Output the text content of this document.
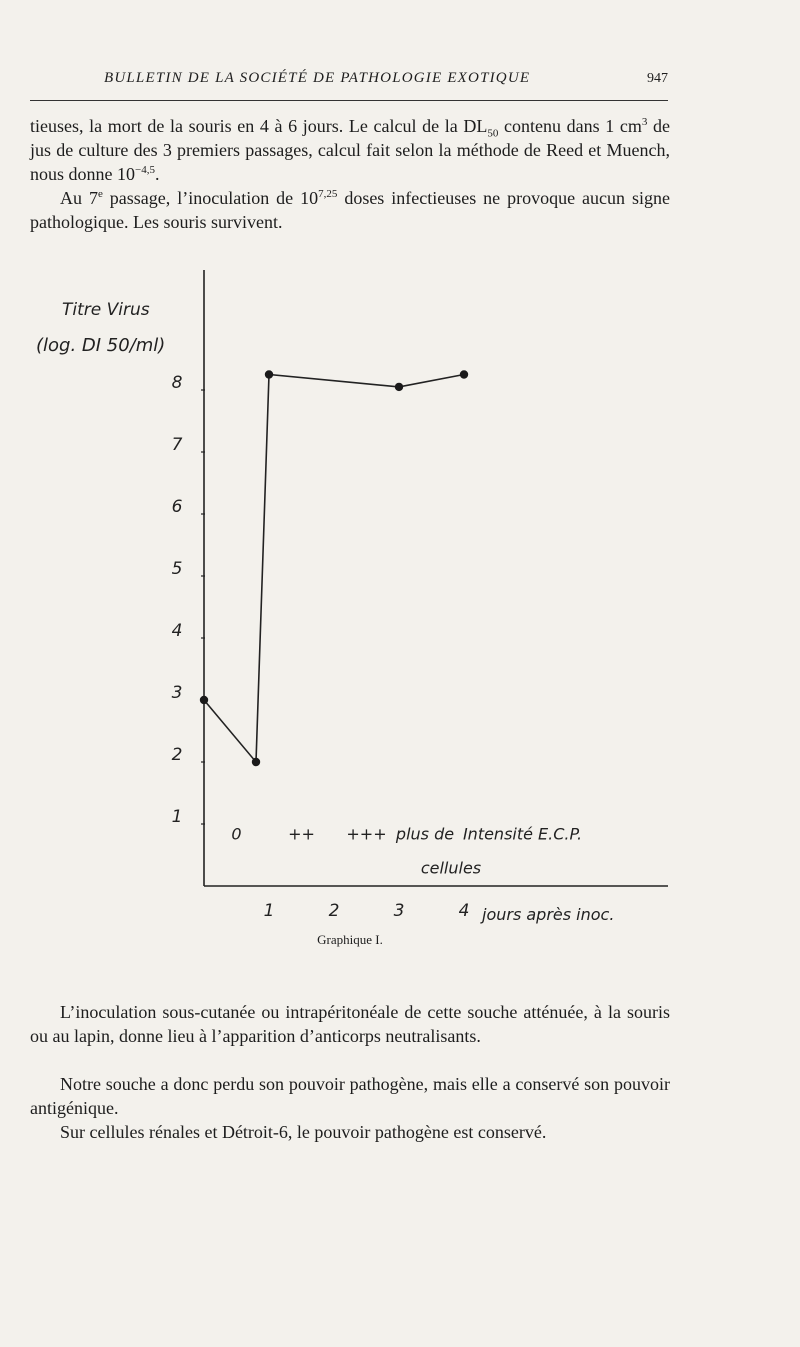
BULLETIN DE LA SOCIÉTÉ DE PATHOLOGIE EXOTIQUE	947

tieuses, la mort de la souris en 4 à 6 jours. Le calcul de la $DL_{50}$ contenu dans 1 $cm^3$ de jus de culture des 3 premiers passages, calcul fait selon la méthode de Reed et Muench, nous donne $10^{-4,5}$.

Au 7e passage, l’inoculation de 10$^{7,25}$ doses infectieuses ne provoque aucun signe pathologique. Les souris survivent.

1
2
3
4
5
6
7
8
1	2	3	4
Titre Virus
(log. DI 50/ml)
jours après inoc.
0	++ +++ plus de Intensité E.C.P.
cellules
Graphique I.

L’inoculation sous-cutanée ou intrapéritonéale de cette souche atténuée, à la souris ou au lapin, donne lieu à l’apparition d’anticorps neutralisants.

Notre souche a donc perdu son pouvoir pathogène, mais elle a conservé son pouvoir antigénique.

Sur cellules rénales et Détroit-6, le pouvoir pathogène est conservé.
